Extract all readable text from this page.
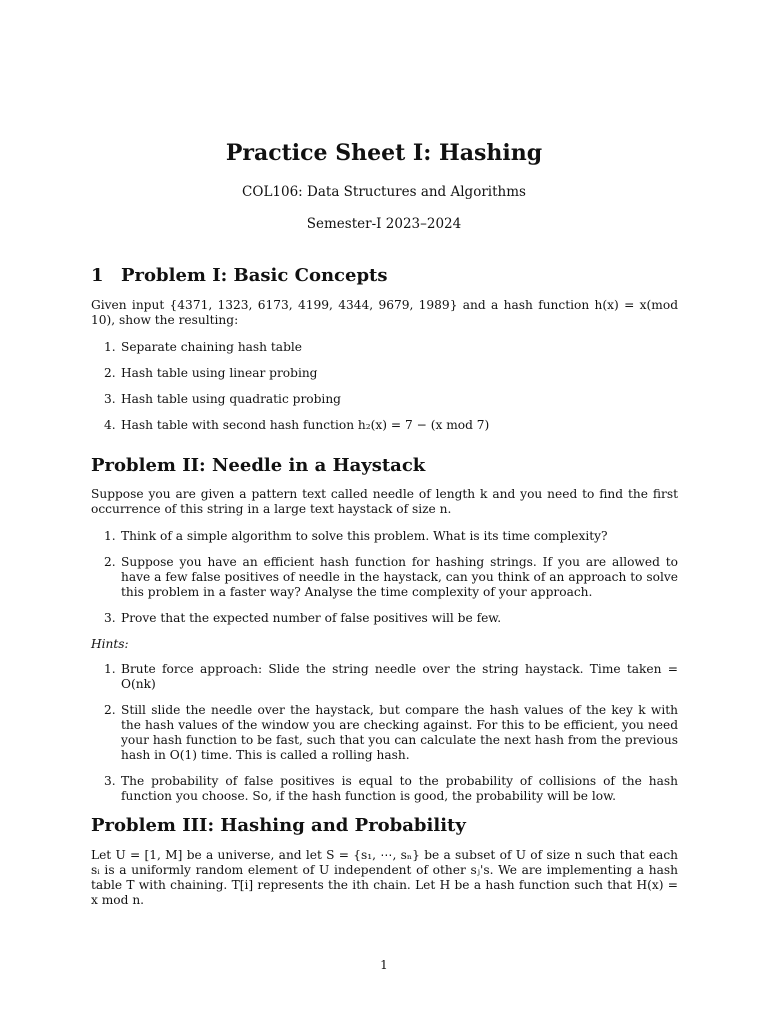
Practice Sheet I: Hashing
COL106: Data Structures and Algorithms
Semester-I 2023–2024
1 Problem I: Basic Concepts

Given input {4371, 1323, 6173, 4199, 4344, 9679, 1989} and a hash function h(x) = x(mod 10), show the resulting:

1. Separate chaining hash table
2. Hash table using linear probing
3. Hash table using quadratic probing
4. Hash table with second hash function h₂(x) = 7 − (x mod 7)
Problem II: Needle in a Haystack

Suppose you are given a pattern text called needle of length k and you need to find the first occurrence of this string in a large text haystack of size n.

1. Think of a simple algorithm to solve this problem. What is its time complexity?
2. Suppose you have an efficient hash function for hashing strings. If you are allowed to have a few false positives of needle in the haystack, can you think of an approach to solve this problem in a faster way? Analyse the time complexity of your approach.
3. Prove that the expected number of false positives will be few.

Hints:

1. Brute force approach: Slide the string needle over the string haystack. Time taken = O(nk)
2. Still slide the needle over the haystack, but compare the hash values of the key k with the hash values of the window you are checking against. For this to be efficient, you need your hash function to be fast, such that you can calculate the next hash from the previous hash in O(1) time. This is called a rolling hash.
3. The probability of false positives is equal to the probability of collisions of the hash function you choose. So, if the hash function is good, the probability will be low.
Problem III: Hashing and Probability

Let U = [1, M] be a universe, and let S = {s₁, ⋯, sₙ} be a subset of U of size n such that each sᵢ is a uniformly random element of U independent of other sⱼ's. We are implementing a hash table T with chaining. T[i] represents the ith chain. Let H be a hash function such that H(x) = x mod n.

1
